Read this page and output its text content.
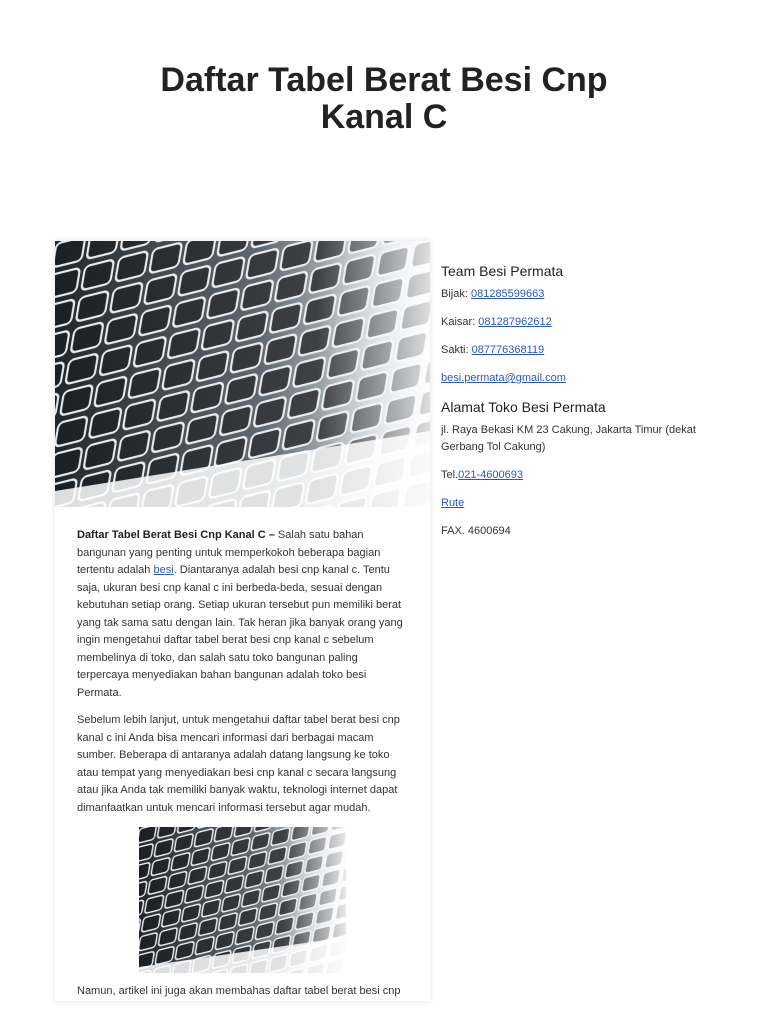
Daftar Tabel Berat Besi Cnp Kanal C

Daftar Tabel Berat Besi Cnp Kanal C – Salah satu bahan bangunan yang penting untuk memperkokoh beberapa bagian tertentu adalah besi. Diantaranya adalah besi cnp kanal c. Tentu saja, ukuran besi cnp kanal c ini berbeda-beda, sesuai dengan kebutuhan setiap orang. Setiap ukuran tersebut pun memiliki berat yang tak sama satu dengan lain. Tak heran jika banyak orang yang ingin mengetahui daftar tabel berat besi cnp kanal c sebelum membelinya di toko, dan salah satu toko bangunan paling terpercaya menyediakan bahan bangunan adalah toko besi Permata.

Sebelum lebih lanjut, untuk mengetahui daftar tabel berat besi cnp kanal c ini Anda bisa mencari informasi dari berbagai macam sumber. Beberapa di antaranya adalah datang langsung ke toko atau tempat yang menyediakan besi cnp kanal c secara langsung atau jika Anda tak memiliki banyak waktu, teknologi internet dapat dimanfaatkan untuk mencari informasi tersebut agar mudah.

Namun, artikel ini juga akan membahas daftar tabel berat besi cnp
Team Besi Permata
Bijak: 081285599663
Kaisar: 081287962612
Sakti: 087776368119
besi.permata@gmail.com
Alamat Toko Besi Permata
jl. Raya Bekasi KM 23 Cakung, Jakarta Timur (dekat Gerbang Tol Cakung)
Tel.021-4600693
Rute
FAX. 4600694
